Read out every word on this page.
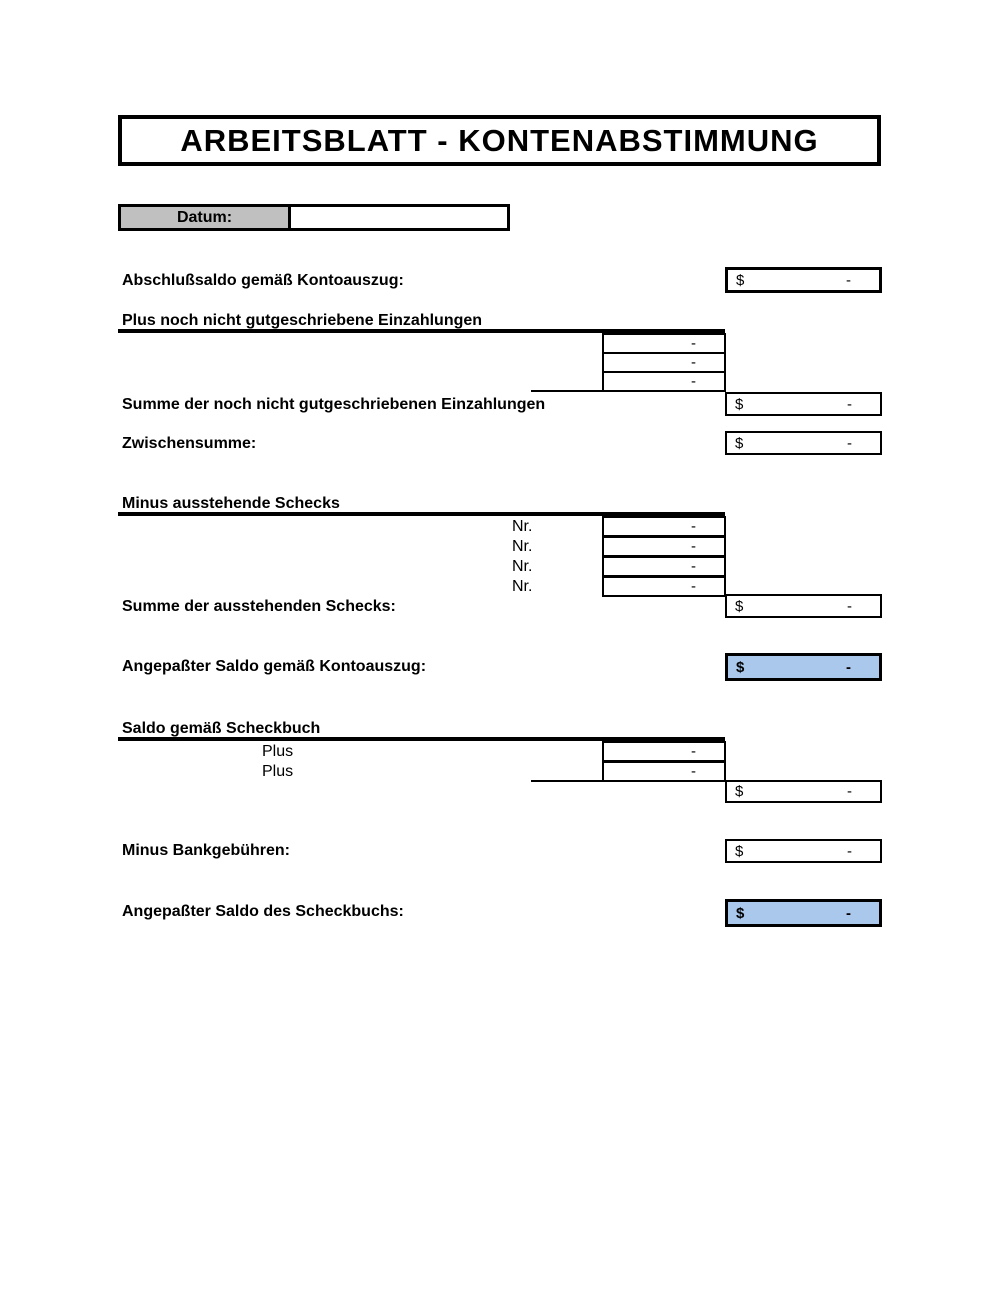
ARBEITSBLATT - KONTENABSTIMMUNG
Datum:
Abschlußsaldo gemäß Kontoauszug:	$	-
Plus noch nicht gutgeschriebene Einzahlungen
-
-
-
Summe der noch nicht gutgeschriebenen Einzahlungen	$	-
Zwischensumme:	$	-
Minus ausstehende Schecks
Nr.	-
Nr.	-
Nr.	-
Nr.	-
Summe der ausstehenden Schecks:	$	-
Angepaßter Saldo gemäß Kontoauszug:	$	-
Saldo gemäß Scheckbuch
Plus	-
Plus	-
$	-
Minus Bankgebühren:	$	-
Angepaßter Saldo des Scheckbuchs:	$	-
